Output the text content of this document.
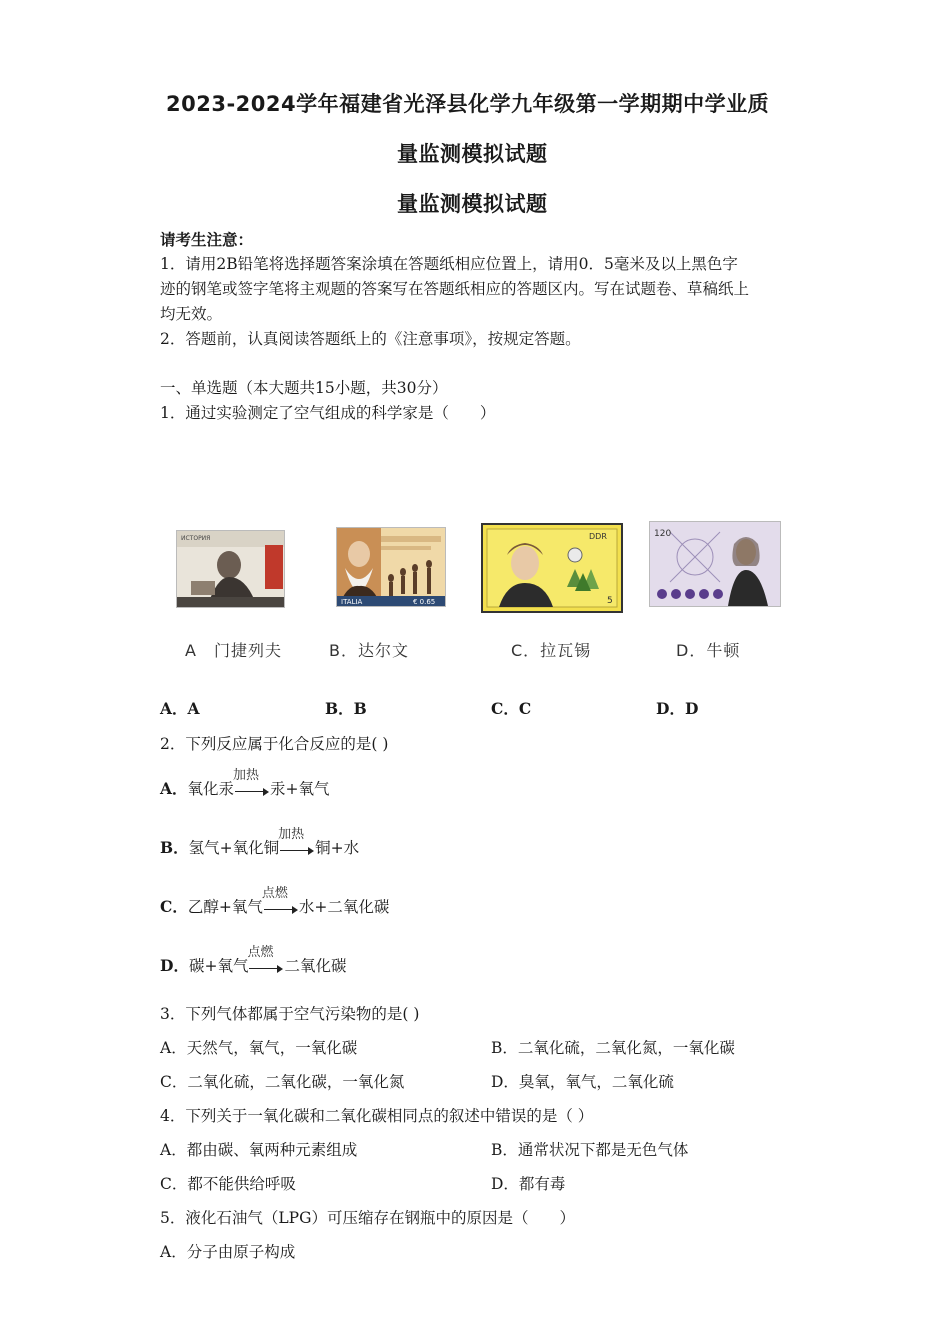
2023-2024学年福建省光泽县化学九年级第一学期期中学业质
量监测模拟试题
量监测模拟试题
请考生注意：
1．请用2B铅笔将选择题答案涂填在答题纸相应位置上，请用0．5毫米及以上黑色字
迹的钢笔或签字笔将主观题的答案写在答题纸相应的答题区内。写在试题卷、草稿纸上
均无效。
2．答题前，认真阅读答题纸上的《注意事项》，按规定答题。
一、单选题（本大题共15小题，共30分）
1．通过实验测定了空气组成的科学家是（　　）
ИСТОРИЯ
A　门捷列夫
ITALIA	€ 0.65
B．达尔文
DDR
5
C．拉瓦锡
120
D．牛顿
A．A	B．B	C．C	D．D
2．下列反应属于化合反应的是( )
A．氧化汞
加热
汞+氧气
B．氢气+氧化铜
加热
铜+水
C．乙醇+氧气
点燃
水+二氧化碳
D．碳+氧气
点燃
二氧化碳
3．下列气体都属于空气污染物的是( )
A．天然气，氧气，一氧化碳	B．二氧化硫，二氧化氮，一氧化碳
C．二氧化硫，二氧化碳，一氧化氮	D．臭氧，氧气，二氧化硫
4．下列关于一氧化碳和二氧化碳相同点的叙述中错误的是（ ）
A．都由碳、氧两种元素组成	B．通常状况下都是无色气体
C．都不能供给呼吸	D．都有毒
5．液化石油气（LPG）可压缩存在钢瓶中的原因是（　　）
A．分子由原子构成
